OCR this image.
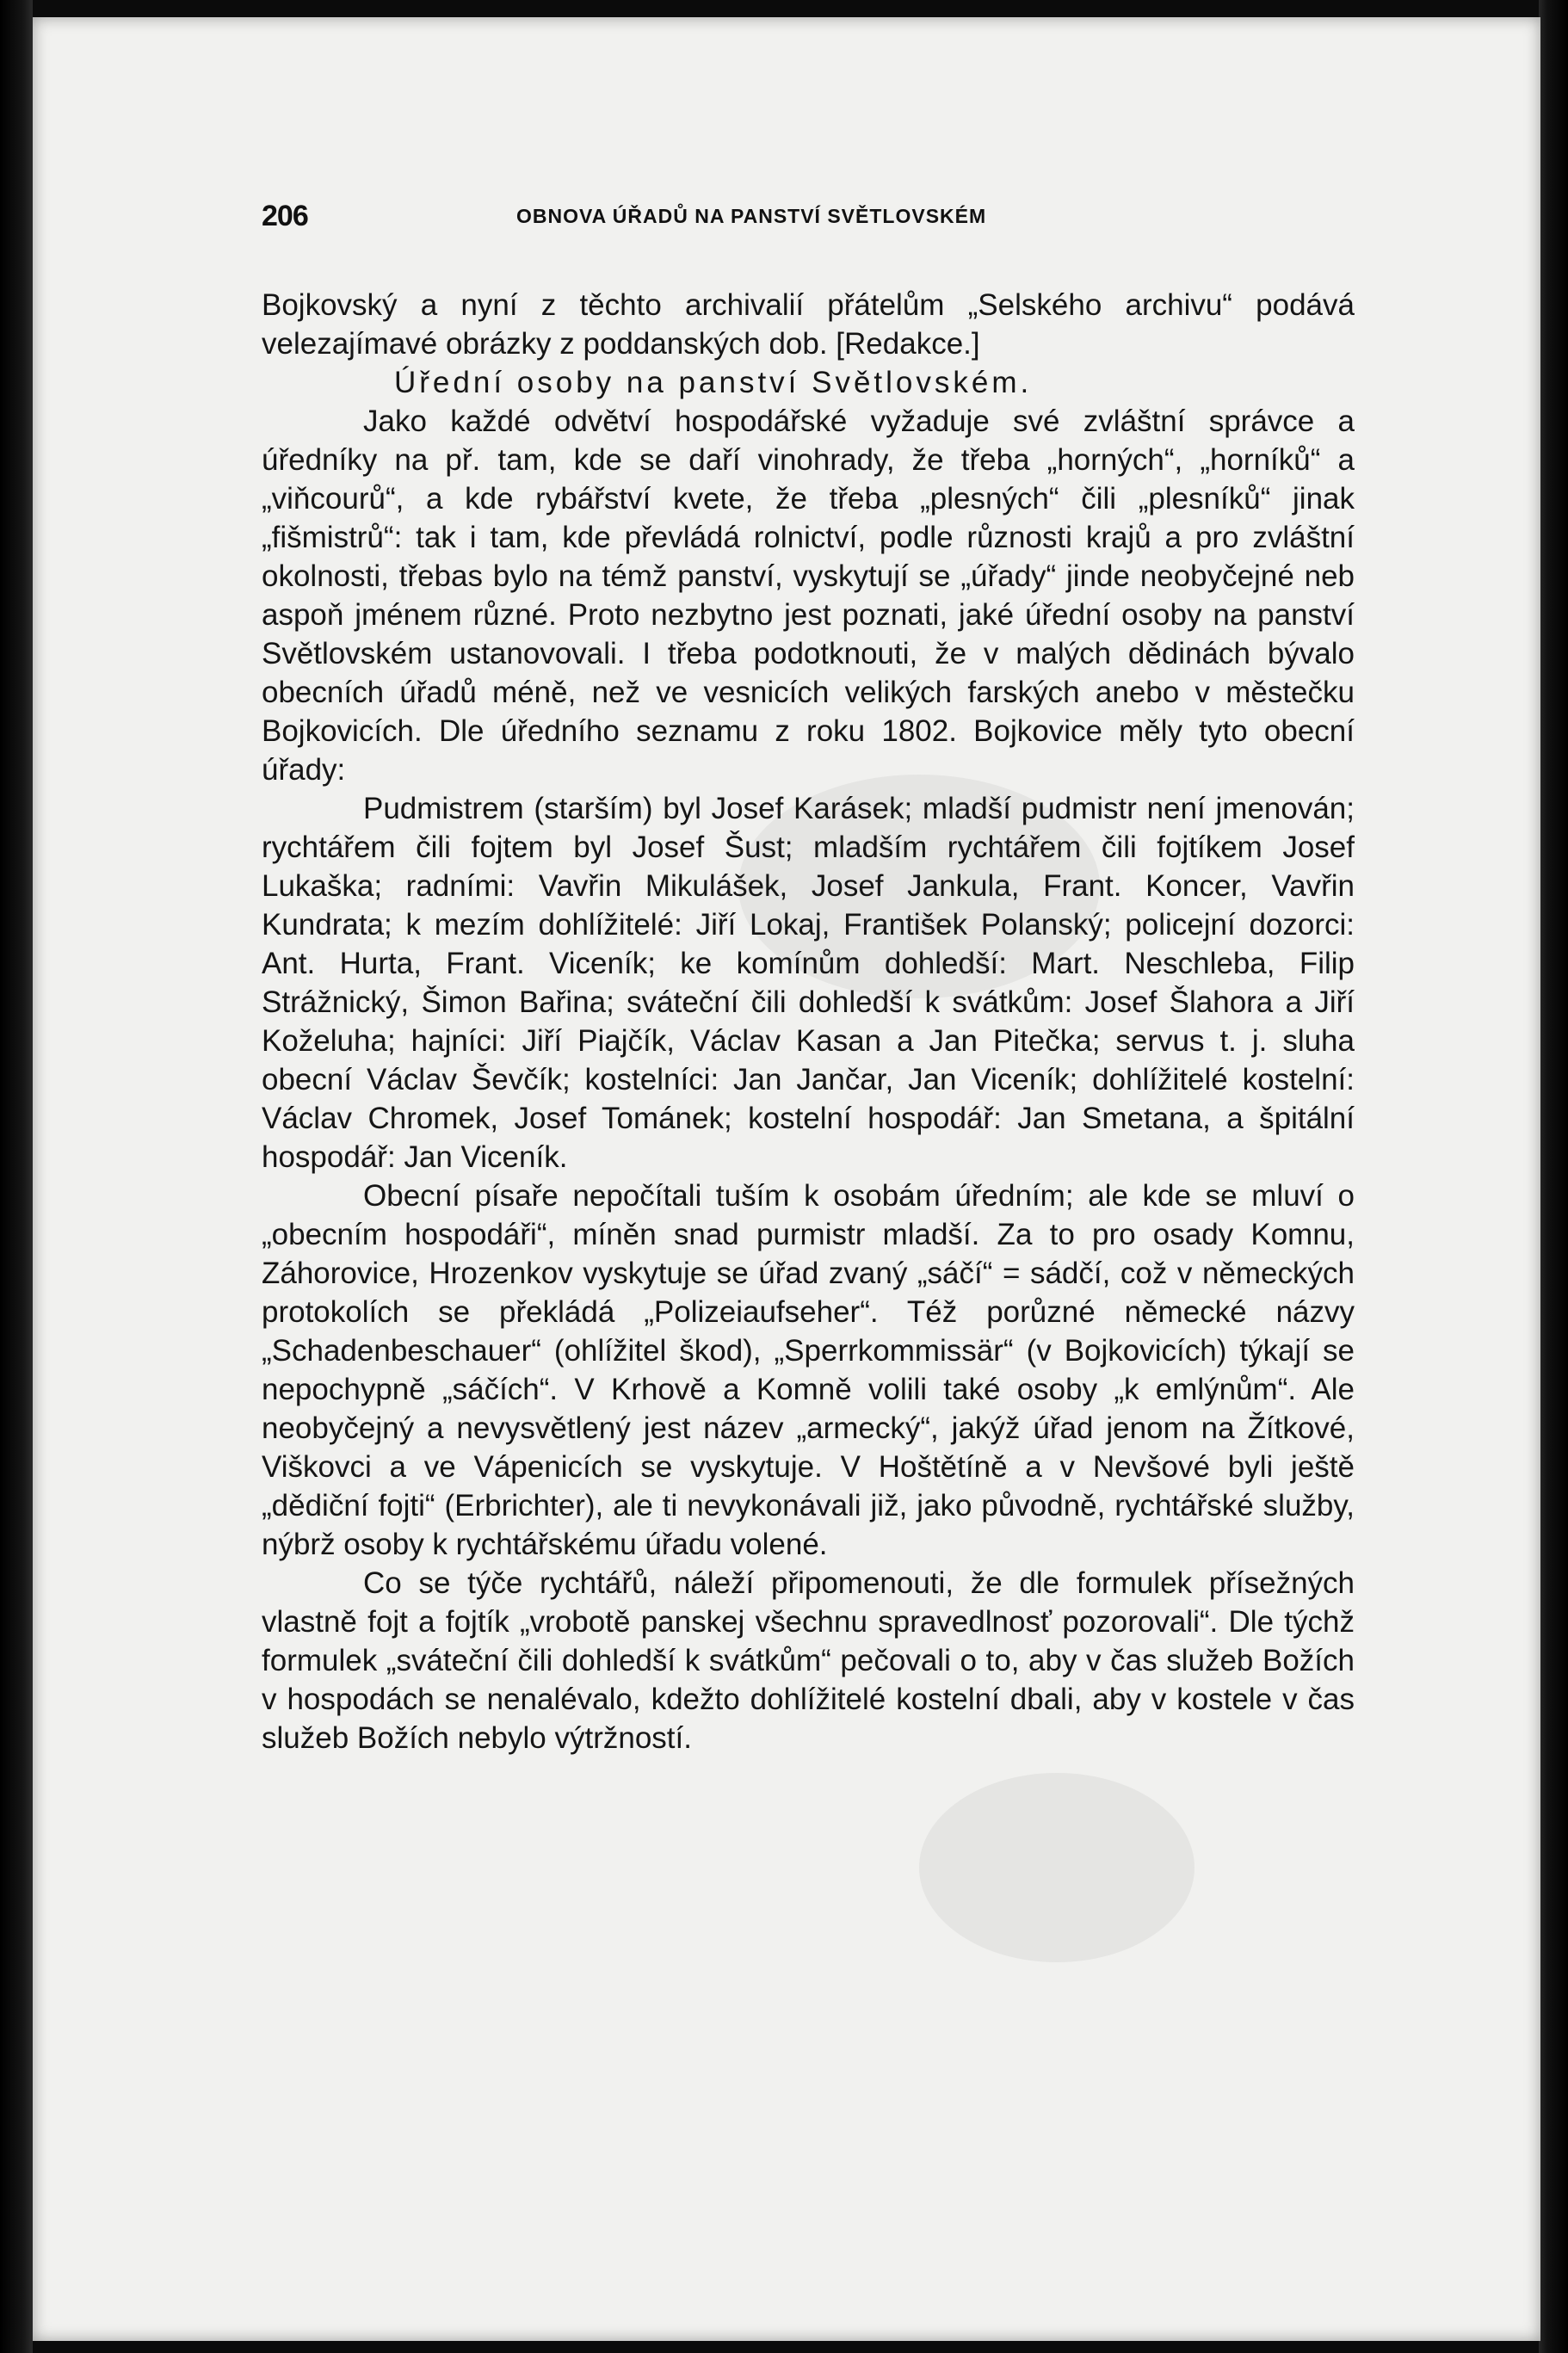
206	OBNOVA ÚŘADŮ NA PANSTVÍ SVĚTLOVSKÉM

Bojkovský a nyní z těchto archivalií přátelům „Selského archivu“ podává velezajímavé obrázky z poddanských dob. [Redakce.]

Úřední osoby na panství Světlovském.

Jako každé odvětví hospodářské vyžaduje své zvláštní správce a úředníky na př. tam, kde se daří vinohrady, že třeba „horných“, „horníků“ a „viňcourů“, a kde rybářství kvete, že třeba „plesných“ čili „plesníků“ jinak „fišmistrů“: tak i tam, kde převládá rolnictví, podle různosti krajů a pro zvláštní okolnosti, třebas bylo na témž panství, vyskytují se „úřady“ jinde neobyčejné neb aspoň jménem různé. Proto nezbytno jest poznati, jaké úřední osoby na panství Světlovském ustanovovali. I třeba podotknouti, že v malých dědinách bývalo obecních úřadů méně, než ve vesnicích velikých farských anebo v městečku Bojkovicích. Dle úředního seznamu z roku 1802. Bojkovice měly tyto obecní úřady:

Pudmistrem (starším) byl Josef Karásek; mladší pudmistr není jmenován; rychtářem čili fojtem byl Josef Šust; mladším rychtářem čili fojtíkem Josef Lukaška; radními: Vavřin Mikulášek, Josef Jankula, Frant. Koncer, Vavřin Kundrata; k mezím dohlížitelé: Jiří Lokaj, František Polanský; policejní dozorci: Ant. Hurta, Frant. Viceník; ke komínům dohledší: Mart. Neschleba, Filip Strážnický, Šimon Bařina; sváteční čili dohledší k svátkům: Josef Šlahora a Jiří Koželuha; hajníci: Jiří Piajčík, Václav Kasan a Jan Pitečka; servus t. j. sluha obecní Václav Ševčík; kostelníci: Jan Jančar, Jan Viceník; dohlížitelé kostelní: Václav Chromek, Josef Tománek; kostelní hospodář: Jan Smetana, a špitální hospodář: Jan Viceník.

Obecní písaře nepočítali tuším k osobám úředním; ale kde se mluví o „obecním hospodáři“, míněn snad purmistr mladší. Za to pro osady Komnu, Záhorovice, Hrozenkov vyskytuje se úřad zvaný „sáčí“ = sádčí, což v německých protokolích se překládá „Polizeiaufseher“. Též porůzné německé názvy „Schadenbeschauer“ (ohlížitel škod), „Sperrkommissär“ (v Bojkovicích) týkají se nepochypně „sáčích“. V Krhově a Komně volili také osoby „k emlýnům“. Ale neobyčejný a nevysvětlený jest název „armecký“, jakýž úřad jenom na Žítkové, Viškovci a ve Vápenicích se vyskytuje. V Hoštětíně a v Nevšové byli ještě „dědiční fojti“ (Erbrichter), ale ti nevykonávali již, jako původně, rychtářské služby, nýbrž osoby k rychtářskému úřadu volené.

Co se týče rychtářů, náleží připomenouti, že dle formulek přísežných vlastně fojt a fojtík „vrobotě panskej všechnu spravedlnosť pozorovali“. Dle týchž formulek „sváteční čili dohledší k svátkům“ pečovali o to, aby v čas služeb Božích v hospodách se nenalévalo, kdežto dohlížitelé kostelní dbali, aby v kostele v čas služeb Božích nebylo výtržností.
